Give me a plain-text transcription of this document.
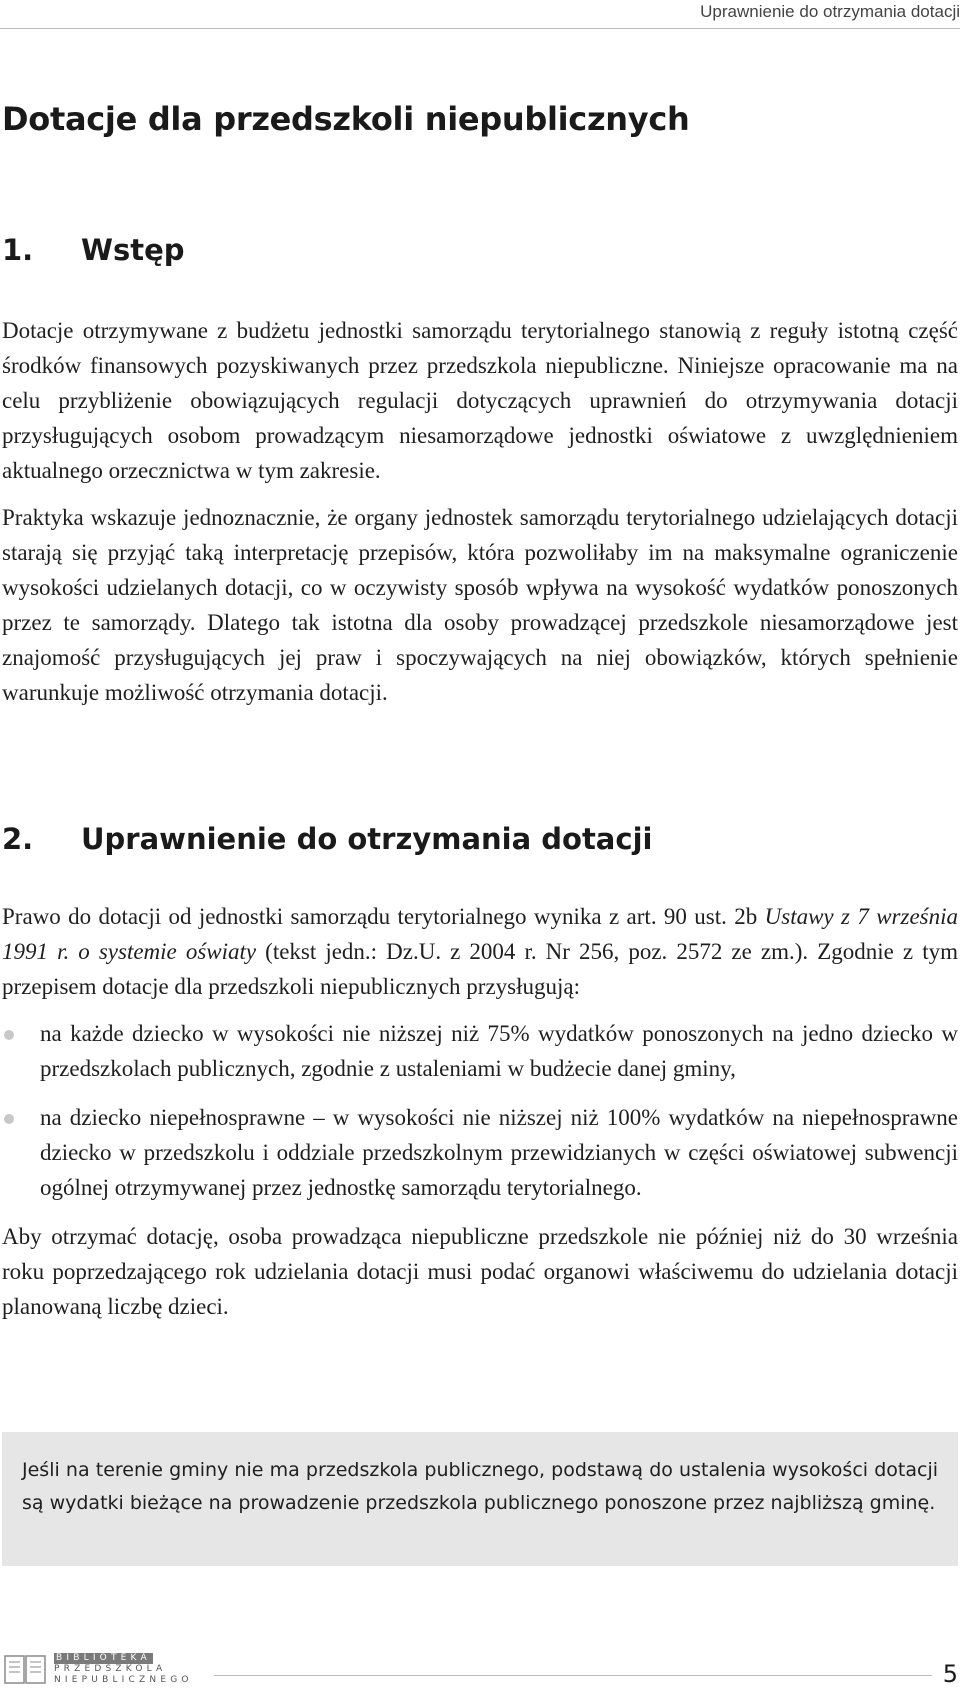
Uprawnienie do otrzymania dotacji
Dotacje dla przedszkoli niepublicznych
1. Wstęp

Dotacje otrzymywane z budżetu jednostki samorządu terytorialnego stanowią z reguły istotną część środków finansowych pozyskiwanych przez przedszkola niepubliczne. Niniejsze opracowanie ma na celu przybliżenie obowiązujących regulacji dotyczących uprawnień do otrzymywania dotacji przysługujących osobom prowadzącym niesamorządowe jednostki oświatowe z uwzględnieniem aktualnego orzecznictwa w tym zakresie.

Praktyka wskazuje jednoznacznie, że organy jednostek samorządu terytorialnego udzielających dotacji starają się przyjąć taką interpretację przepisów, która pozwoliłaby im na maksymalne ograniczenie wysokości udzielanych dotacji, co w oczywisty sposób wpływa na wysokość wydatków ponoszonych przez te samorządy. Dlatego tak istotna dla osoby prowadzącej przedszkole niesamorządowe jest znajomość przysługujących jej praw i spoczywających na niej obowiązków, których spełnienie warunkuje możliwość otrzymania dotacji.

2. Uprawnienie do otrzymania dotacji

Prawo do dotacji od jednostki samorządu terytorialnego wynika z art. 90 ust. 2b Ustawy z 7 września 1991 r. o systemie oświaty (tekst jedn.: Dz.U. z 2004 r. Nr 256, poz. 2572 ze zm.). Zgodnie z tym przepisem dotacje dla przedszkoli niepublicznych przysługują:

na każde dziecko w wysokości nie niższej niż 75% wydatków ponoszonych na jedno dziecko w przedszkolach publicznych, zgodnie z ustaleniami w budżecie danej gminy,
na dziecko niepełnosprawne – w wysokości nie niższej niż 100% wydatków na niepełnosprawne dziecko w przedszkolu i oddziale przedszkolnym przewidzianych w części oświatowej subwencji ogólnej otrzymywanej przez jednostkę samorządu terytorialnego.

Aby otrzymać dotację, osoba prowadząca niepubliczne przedszkole nie później niż do 30 września roku poprzedzającego rok udzielania dotacji musi podać organowi właściwemu do udzielania dotacji planowaną liczbę dzieci.

Jeśli na terenie gminy nie ma przedszkola publicznego, podstawą do ustalenia wysokości dotacji są wydatki bieżące na prowadzenie przedszkola publicznego ponoszone przez najbliższą gminę.
BIBLIOTEKA
PRZEDSZKOLA
NIEPUBLICZNEGO	5
